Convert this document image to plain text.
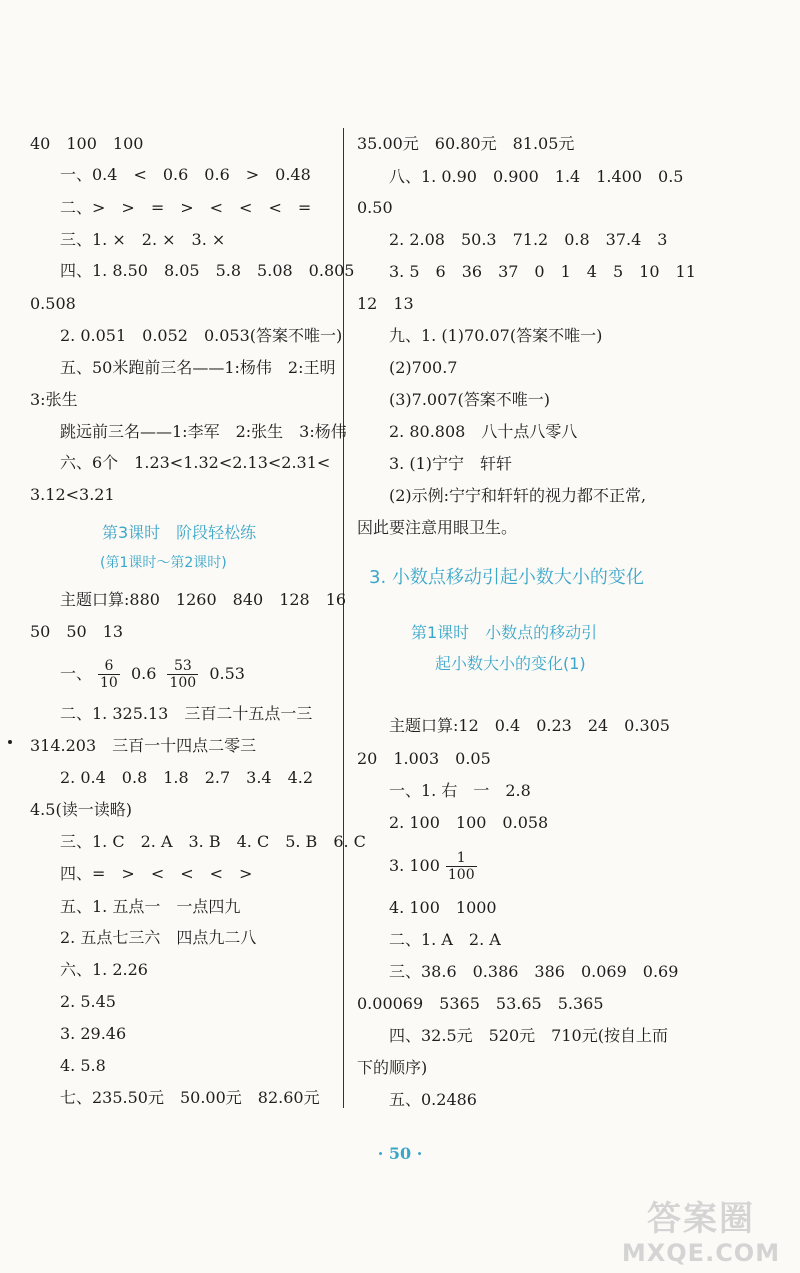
40　100　100
一、0.4　<　0.6　0.6　>　0.48
二、>　>　=　>　<　<　<　=
三、1. ×　2. ×　3. ×
四、1. 8.50　8.05　5.8　5.08　0.805
0.508
2. 0.051　0.052　0.053(答案不唯一)
五、50米跑前三名——1:杨伟　2:王明
3:张生
跳远前三名——1:李军　2:张生　3:杨伟
六、6个　1.23<1.32<2.13<2.31<
3.12<3.21
第3课时　阶段轻松练
(第1课时～第2课时)
主题口算:880　1260　840　128　16
50　50　13
一、 $\frac{6}{10} 0.6 \frac{53}{100} 0.53$
二、1. 325.13　三百二十五点一三
314.203　三百一十四点二零三
2. 0.4　0.8　1.8　2.7　3.4　4.2
4.5(读一读略)
三、1. C　2. A　3. B　4. C　5. B　6. C
四、=　>　<　<　<　>
五、1. 五点一　一点四九
2. 五点七三六　四点九二八
六、1. 2.26
2. 5.45
3. 29.46
4. 5.8
七、235.50元　50.00元　82.60元
35.00元　60.80元　81.05元
八、1. 0.90　0.900　1.4　1.400　0.5
0.50
2. 2.08　50.3　71.2　0.8　37.4　3
3. 5　6　36　37　0　1　4　5　10　11
12　13
九、1. (1)70.07(答案不唯一)
(2)700.7
(3)7.007(答案不唯一)
2. 80.808　八十点八零八
3. (1)宁宁　轩轩
(2)示例:宁宁和轩轩的视力都不正常,
因此要注意用眼卫生。
3. 小数点移动引起小数大小的变化
第1课时　小数点的移动引
起小数大小的变化(1)
主题口算:12　0.4　0.23　24　0.305
20　1.003　0.05
一、1. 右　一　2.8
2. 100　100　0.058
3. $100 \frac{1}{100}$
4. 100　1000
二、1. A　2. A
三、38.6　0.386　386　0.069　0.69
0.00069　5365　53.65　5.365
四、32.5元　520元　710元(按自上而
下的顺序)
五、0.2486
· 50 ·
答案圈
MXQE.COM
